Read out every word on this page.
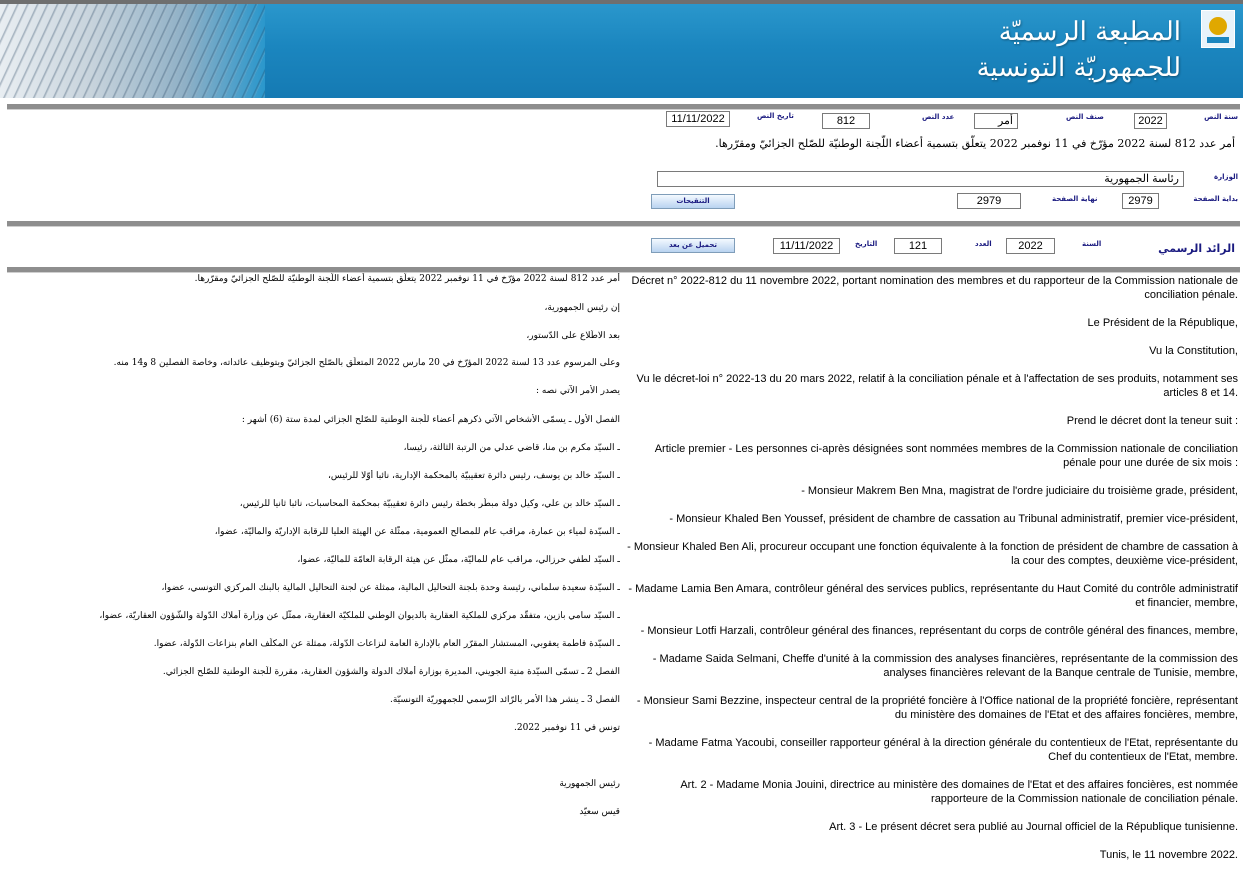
المطبعة الرسميّة
للجمهوريّة التونسية
سنة النص
2022
صنف النص
أمر
عدد النص
812
تاريخ النص
11/11/2022
أمر عدد 812 لسنة 2022 مؤرّخ في 11 نوفمبر 2022 يتعلّق بتسمية أعضاء اللّجنة الوطنيّة للصّلح الجزائيّ ومقرّرها.
الوزارة
رئاسة الجمهورية
بداية الصفحة
2979
نهاية الصفحة
2979
التنقيحات
الرائد الرسمي
السنة
2022
العدد
121
التاريخ
11/11/2022
تحميل عن بعد
أمر عدد 812 لسنة 2022 مؤرّخ في 11 نوفمبر 2022 يتعلّق بتسمية أعضاء اللّجنة الوطنيّة للصّلح الجزائيّ ومقرّرها.
إن رئيس الجمهورية،
بعد الاطّلاع على الدّستور،
وعلى المرسوم عدد 13 لسنة 2022 المؤرّخ في 20 مارس 2022 المتعلّق بالصّلح الجزائيّ وبتوظيف عائداته، وخاصة الفصلين 8 و14 منه.
يصدر الأمر الآتي نصه :
الفصل الأول ـ يسمّى الأشخاص الآتي ذكرهم أعضاء للّجنة الوطنية للصّلح الجزائي لمدة ستة (6) أشهر :
ـ السيّد مكرم بن منا، قاضي عدلي من الرتبة الثالثة، رئيسا،
ـ السيّد خالد بن يوسف، رئيس دائرة تعقيبيّة بالمحكمة الإدارية، نائبا أوّلا للرئيس،
ـ السيّد خالد بن علي، وكيل دولة مبطّر بخطة رئيس دائرة تعقيبيّة بمحكمة المحاسبات، نائبا ثانيا للرئيس،
ـ السيّدة لمياء بن عمارة، مراقب عام للمصالح العمومية، ممثّلة عن الهيئة العليا للرقابة الإداريّة والماليّة، عضوا،
ـ السيّد لطفي حرزالي، مراقب عام للماليّة، ممثّل عن هيئة الرقابة العامّة للماليّة، عضوا،
ـ السيّدة سعيدة سلماني، رئيسة وحدة بلجنة التحاليل المالية، ممثلة عن لجنة التحاليل المالية بالبنك المركزي التونسي، عضوا،
ـ السيّد سامي بازين، متفقّد مركزي للملكية العقارية بالديوان الوطني للملكيّة العقارية، ممثّل عن وزارة أملاك الدّولة والشّؤون العقاريّة، عضوا،
ـ السيّدة فاطمة يعقوبي، المستشار المقرّر العام بالإدارة العامة لنزاعات الدّولة، ممثلة عن المكلّف العام بنزاعات الدّولة، عضوا.
الفصل 2 ـ تسمّى السيّدة منية الجويني، المديرة بوزارة أملاك الدولة والشؤون العقارية، مقررة للّجنة الوطنية للصّلح الجزائي.
الفصل 3 ـ ينشر هذا الأمر بالرّائد الرّسمي للجمهوريّة التونسيّة.
تونس في 11 نوفمبر 2022.
رئيس الجمهورية
قيس سعيّد
Décret n° 2022-812 du 11 novembre 2022, portant nomination des membres et du rapporteur de la Commission nationale de conciliation pénale.
Le Président de la République,
Vu la Constitution,
Vu le décret-loi n° 2022-13 du 20 mars 2022, relatif à la conciliation pénale et à l'affectation de ses produits, notamment ses articles 8 et 14.
Prend le décret dont la teneur suit :
Article premier - Les personnes ci-après désignées sont nommées membres de la Commission nationale de conciliation pénale pour une durée de six mois :
- Monsieur Makrem Ben Mna, magistrat de l'ordre judiciaire du troisième grade, président,
- Monsieur Khaled Ben Youssef, président de chambre de cassation au Tribunal administratif, premier vice-président,
- Monsieur Khaled Ben Ali, procureur occupant une fonction équivalente à la fonction de président de chambre de cassation à la cour des comptes, deuxième vice-président,
- Madame Lamia Ben Amara, contrôleur général des services publics, représentante du Haut Comité du contrôle administratif et financier, membre,
- Monsieur Lotfi Harzali, contrôleur général des finances, représentant du corps de contrôle général des finances, membre,
- Madame Saida Selmani, Cheffe d'unité à la commission des analyses financières, représentante de la commission des analyses financières relevant de la Banque centrale de Tunisie, membre,
- Monsieur Sami Bezzine, inspecteur central de la propriété foncière à l'Office national de la propriété foncière, représentant du ministère des domaines de l'Etat et des affaires foncières, membre,
- Madame Fatma Yacoubi, conseiller rapporteur général à la direction générale du contentieux de l'Etat, représentante du Chef du contentieux de l'Etat, membre.
Art. 2 - Madame Monia Jouini, directrice au ministère des domaines de l'Etat et des affaires foncières, est nommée rapporteure de la Commission nationale de conciliation pénale.
Art. 3 - Le présent décret sera publié au Journal officiel de la République tunisienne.
Tunis, le 11 novembre 2022.
